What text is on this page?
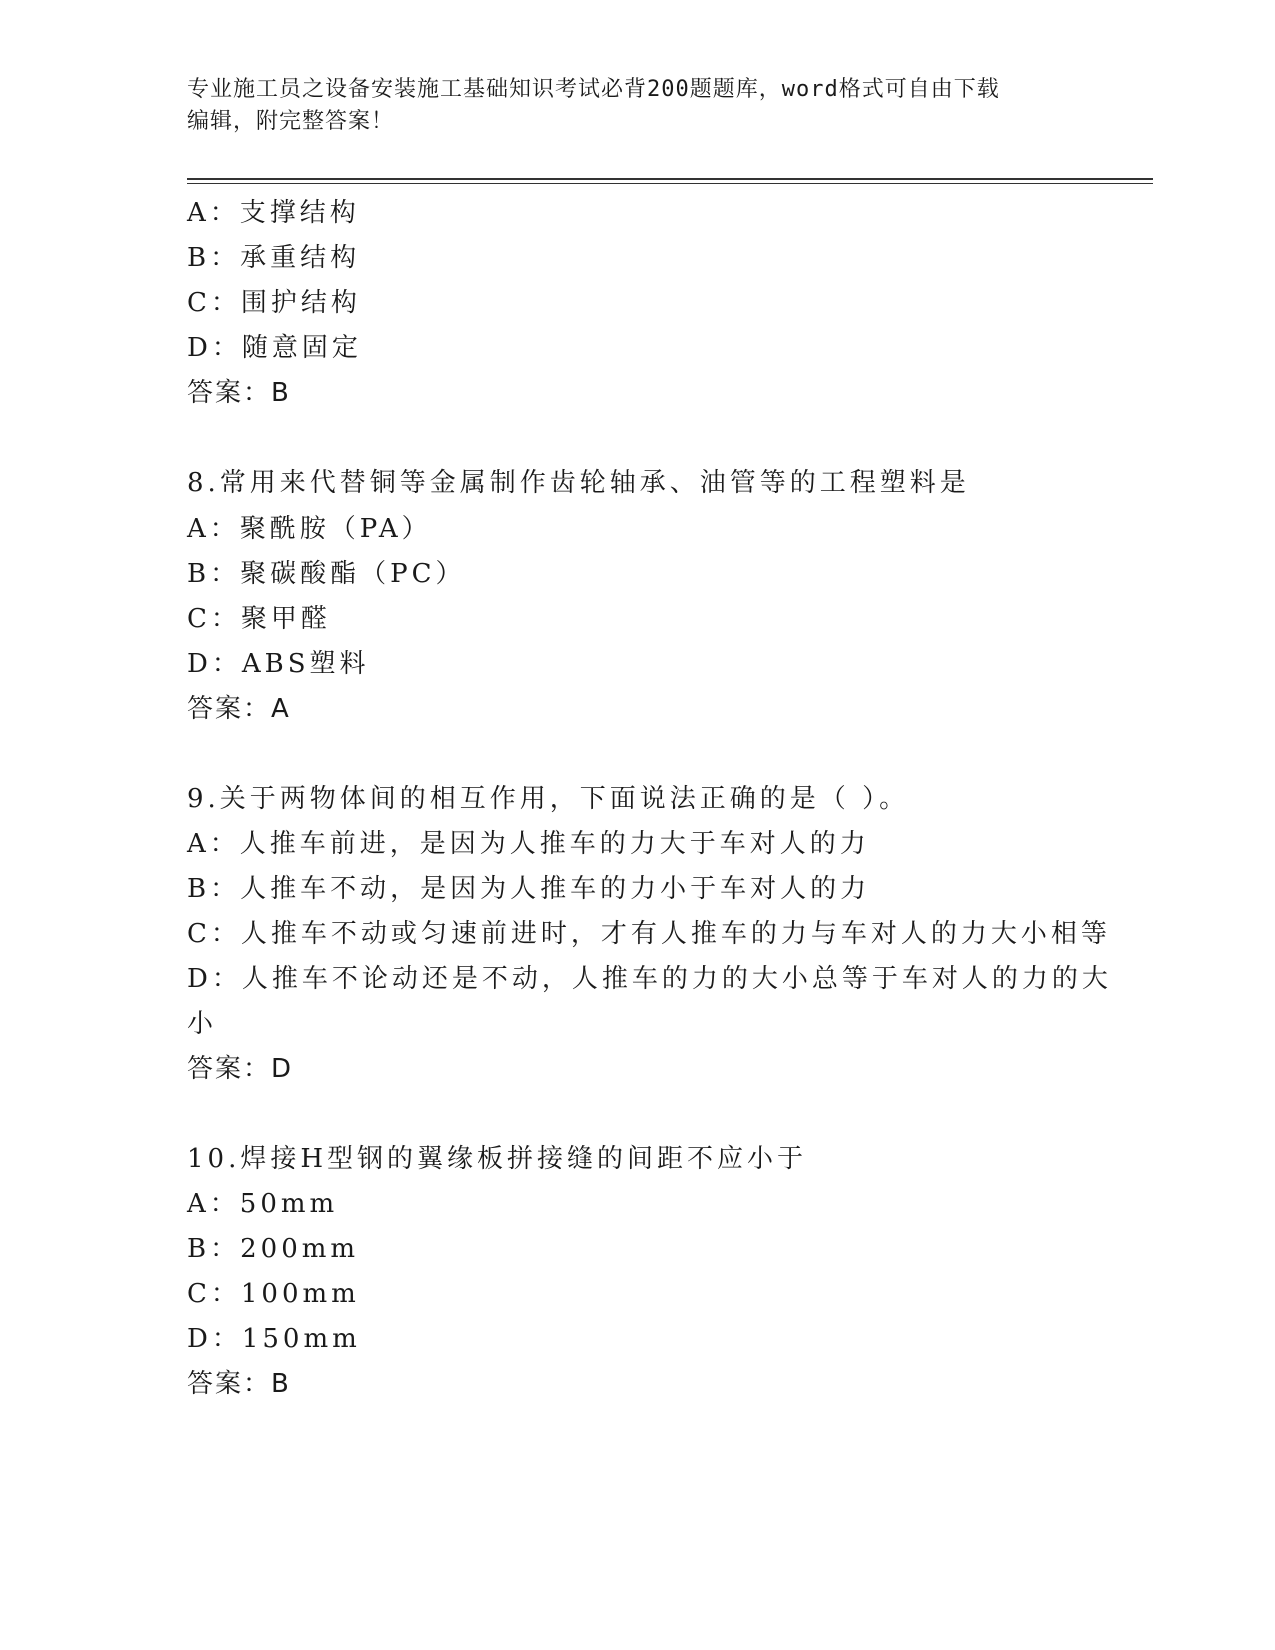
专业施工员之设备安装施工基础知识考试必背200题题库，word格式可自由下载
编辑，附完整答案！
A：支撑结构
B：承重结构
C：围护结构
D：随意固定
答案：B
8.常用来代替铜等金属制作齿轮轴承、油管等的工程塑料是
A：聚酰胺（PA）
B：聚碳酸酯（PC）
C：聚甲醛
D：ABS塑料
答案：A
9.关于两物体间的相互作用，下面说法正确的是（ ）。
A：人推车前进，是因为人推车的力大于车对人的力
B：人推车不动，是因为人推车的力小于车对人的力
C：人推车不动或匀速前进时，才有人推车的力与车对人的力大小相等
D：人推车不论动还是不动，人推车的力的大小总等于车对人的力的大
小
答案：D
10.焊接H型钢的翼缘板拼接缝的间距不应小于
A：50mm
B：200mm
C：100mm
D：150mm
答案：B
